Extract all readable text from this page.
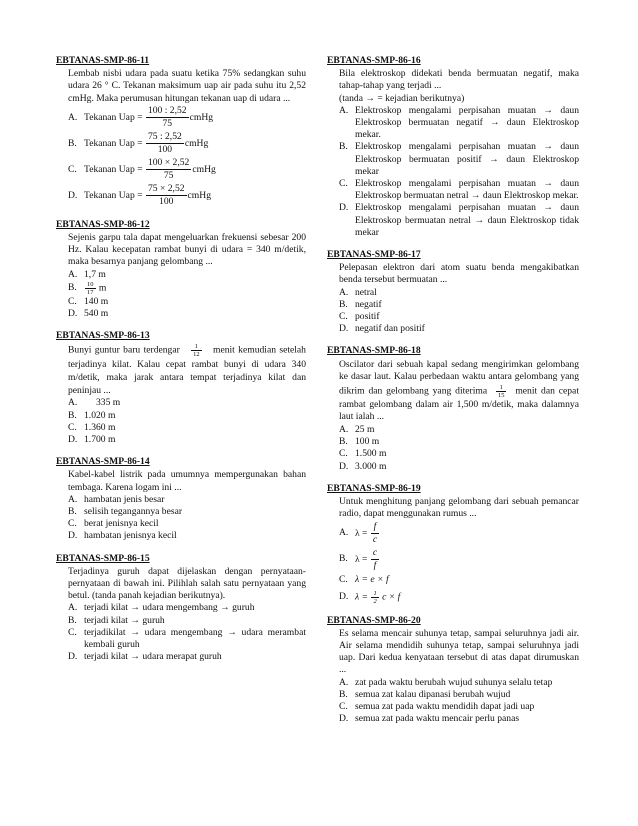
EBTANAS-SMP-86-11
Lembab nisbi udara pada suatu ketika 75% sedangkan suhu udara 26 ° C. Tekanan maksimum uap air pada suhu itu 2,52 cmHg. Maka perumusan hitungan tekanan uap di udara ...
A. Tekanan Uap = $\frac{100 : 2,52}{75}$ cmHg
B. Tekanan Uap = $\frac{75 : 2,52}{100}$ cmHg
C. Tekanan Uap = $\frac{100 \times 2,52}{75}$ cmHg
D. Tekanan Uap = $\frac{75 \times 2,52}{100}$ cmHg
EBTANAS-SMP-86-12
Sejenis garpu tala dapat mengeluarkan frekuensi sebesar 200 Hz. Kalau kecepatan rambat bunyi di udara = 340 m/detik, maka besarnya panjang gelombang ...
A. 1,7 m
B.	$\frac{10}{17}$ m
C. 140 m
D. 540 m
EBTANAS-SMP-86-13
Bunyi guntur baru terdengar $\frac{1}{12}$ menit kemudian setelah terjadinya kilat. Kalau cepat rambat bunyi di udara 340 m/detik, maka jarak antara tempat terjadinya kilat dan peninjau ...
A.	335 m
B. 1.020 m
C. 1.360 m
D. 1.700 m
EBTANAS-SMP-86-14
Kabel-kabel listrik pada umumnya mempergunakan bahan tembaga. Karena logam ini ...
A. hambatan jenis besar
B. selisih tegangannya besar
C. berat jenisnya kecil
D. hambatan jenisnya kecil
EBTANAS-SMP-86-15
Terjadinya guruh dapat dijelaskan dengan pernyataan-pernyataan di bawah ini. Pilihlah salah satu pernyataan yang betul. (tanda panah kejadian berikutnya).
A. terjadi kilat → udara mengembang → guruh
B. terjadi kilat → guruh
C. terjadikilat → udara mengembang → udara merambat kembali guruh
D. terjadi kilat → udara merapat guruh
EBTANAS-SMP-86-16
Bila elektroskop didekati benda bermuatan negatif, maka tahap-tahap yang terjadi ...
(tanda → = kejadian berikutnya)
A. Elektroskop mengalami perpisahan muatan → daun Elektroskop bermuatan negatif → daun Elektroskop mekar.
B. Elektroskop mengalami perpisahan muatan → daun Elektroskop bermuatan positif → daun Elektroskop mekar
C. Elektroskop mengalami perpisahan muatan → daun Elektroskop bermuatan netral → daun Elektroskop mekar.
D. Elektroskop mengalami perpisahan muatan → daun Elektroskop bermuatan netral → daun Elektroskop tidak mekar
EBTANAS-SMP-86-17
Pelepasan elektron dari atom suatu benda mengakibatkan benda tersebut bermuatan ...
A. netral
B. negatif
C. positif
D. negatif dan positif
EBTANAS-SMP-86-18
Oscilator dari sebuah kapal sedang mengirimkan gelombang ke dasar laut. Kalau perbedaan waktu antara gelombang yang dikrim dan gelombang yang diterima $\frac{1}{15}$ menit dan cepat rambat gelombang dalam air 1,500 m/detik, maka dalamnya laut ialah ...
A. 25 m
B. 100 m
C. 1.500 m
D. 3.000 m
EBTANAS-SMP-86-19
Untuk menghitung panjang gelombang dari sebuah pemancar radio, dapat menggunakan rumus ...
A. $\lambda = \frac{f}{c}$
B. $\lambda = \frac{c}{f}$
C. λ = e × f
D. $\lambda = \frac{1}{2}$ c × f
EBTANAS-SMP-86-20
Es selama mencair suhunya tetap, sampai seluruhnya jadi air. Air selama mendidih suhunya tetap, sampai seluruhnya jadi uap. Dari kedua kenyataan tersebut di atas dapat dirumuskan ...
A. zat pada waktu berubah wujud suhunya selalu tetap
B. semua zat kalau dipanasi berubah wujud
C. semua zat pada waktu mendidih dapat jadi uap
D. semua zat pada waktu mencair perlu panas
